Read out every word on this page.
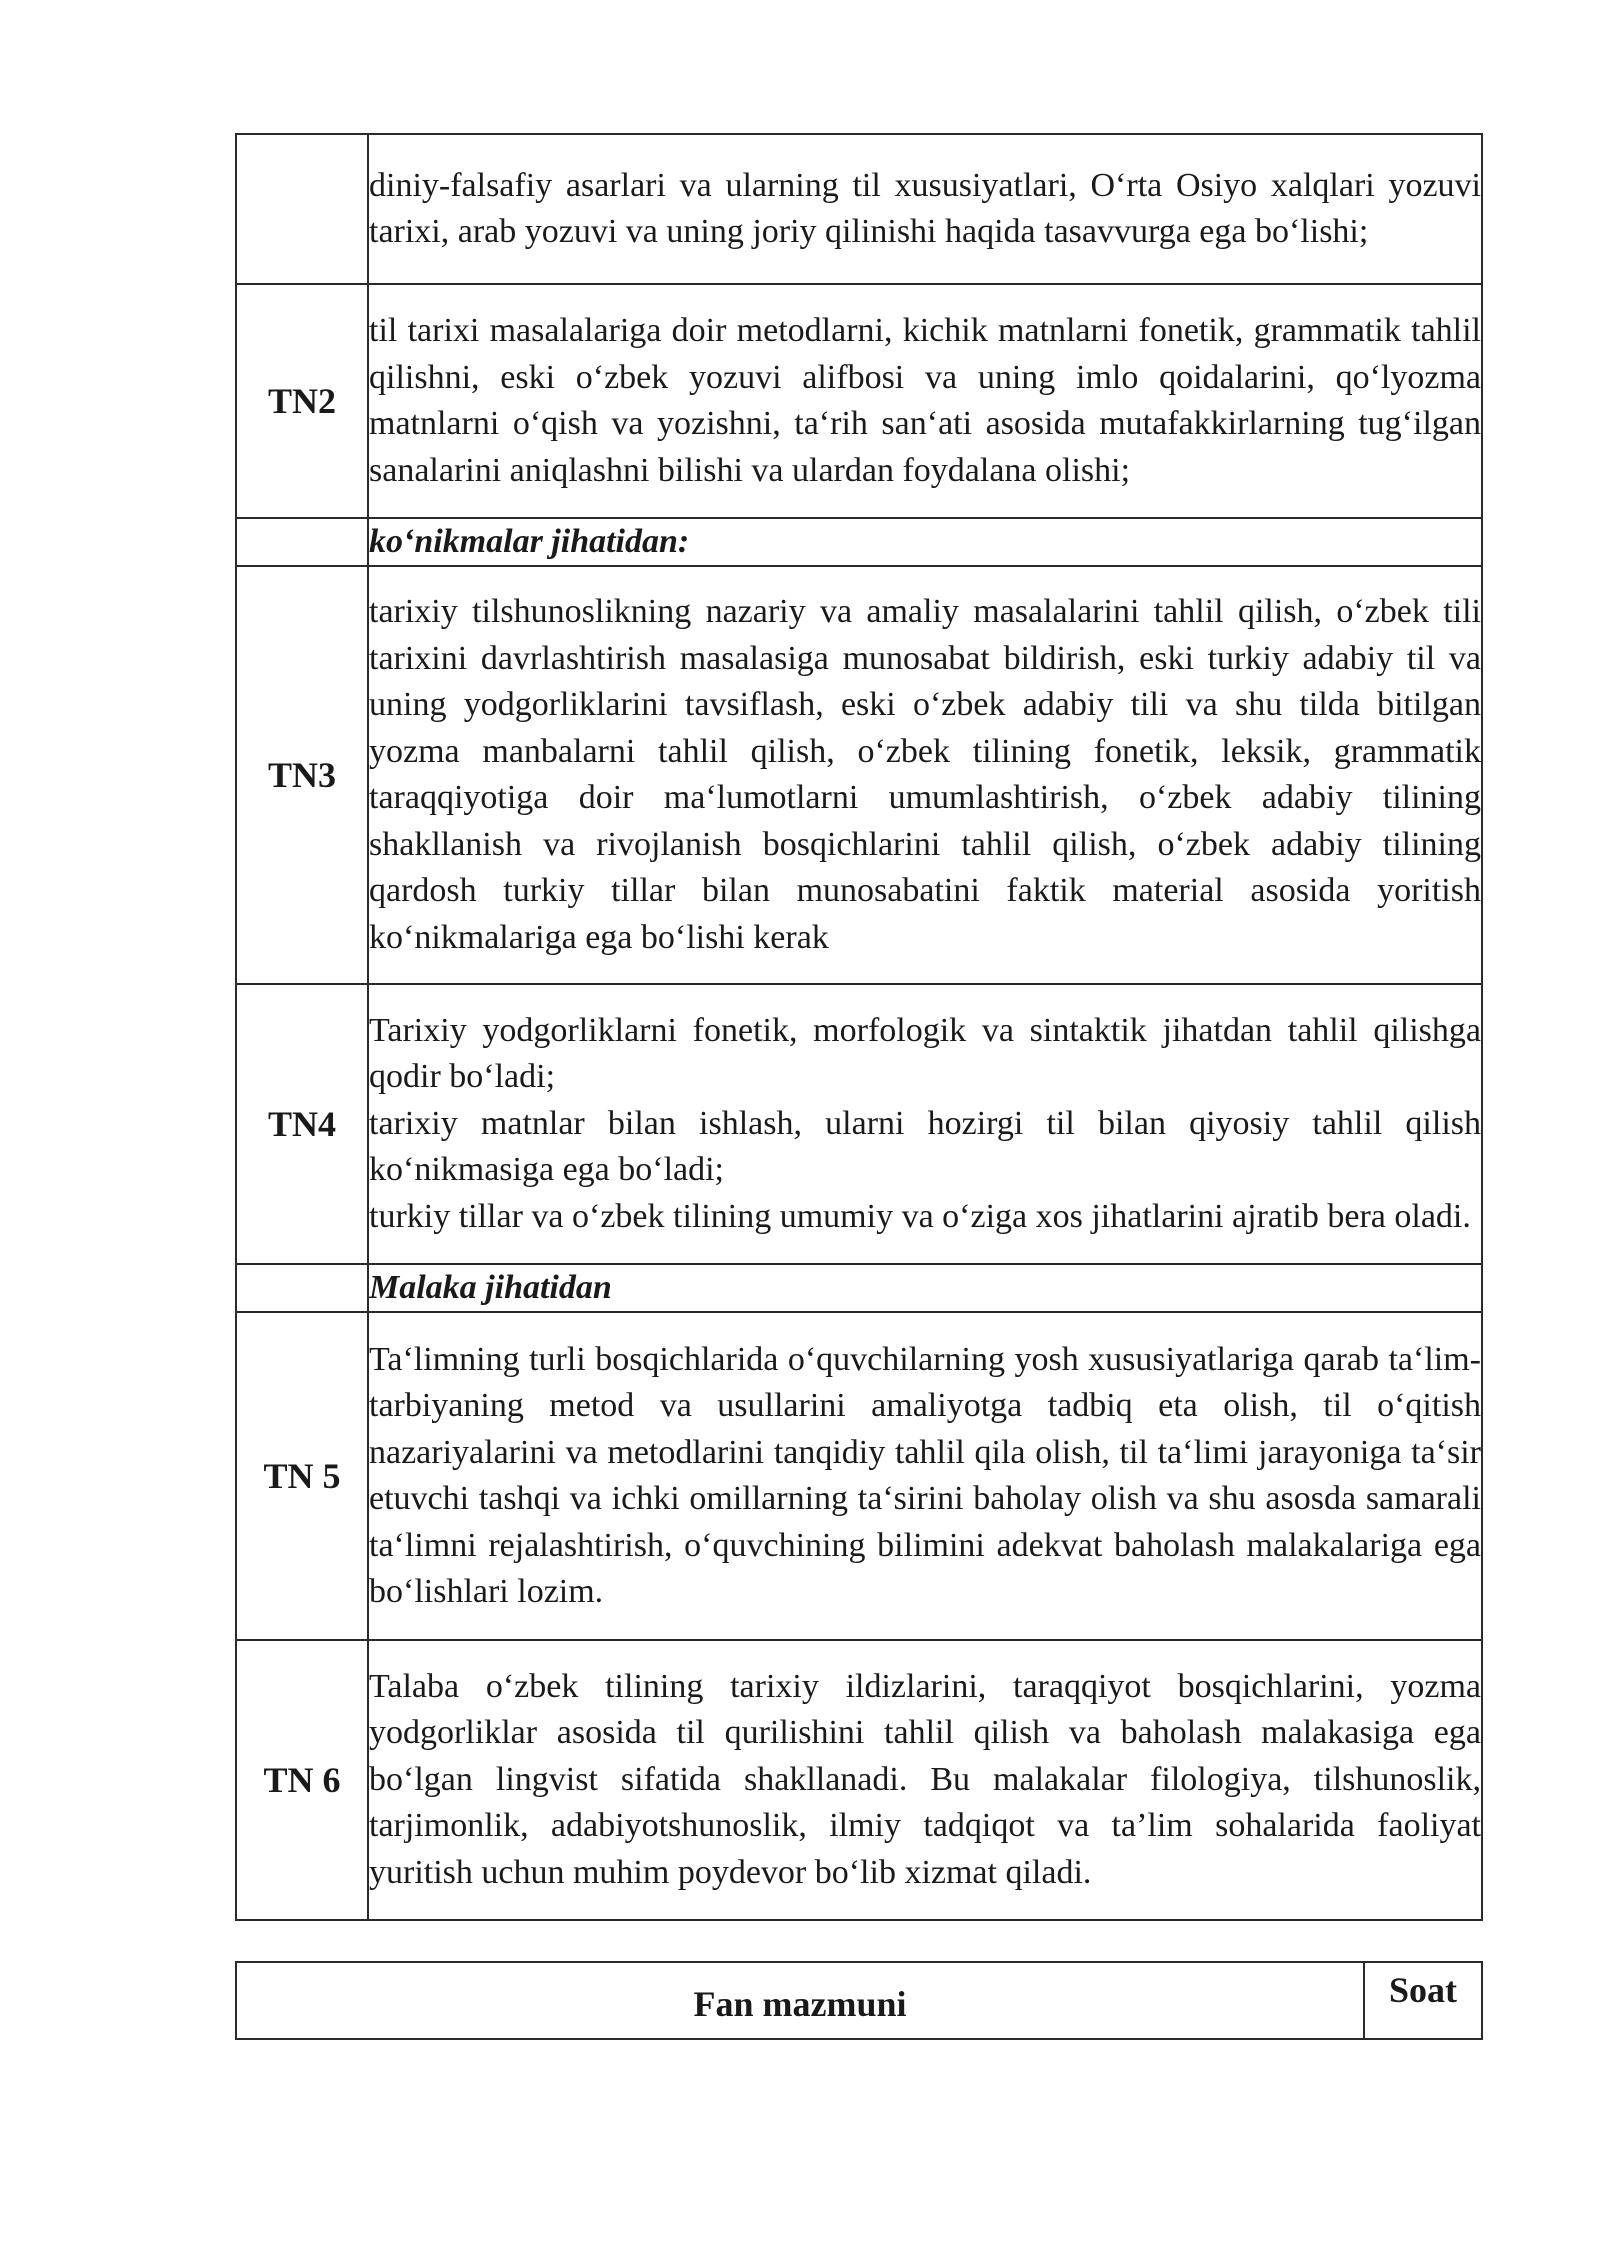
	diniy-falsafiy asarlari va ularning til xususiyatlari, O‘rta Osiyo xalqlari yozuvi tarixi, arab yozuvi va uning joriy qilinishi haqida tasavvurga ega bo‘lishi;

TN2	til tarixi masalalariga doir metodlarni, kichik matnlarni fonetik, grammatik tahlil qilishni, eski o‘zbek yozuvi alifbosi va uning imlo qoidalarini, qo‘lyozma matnlarni o‘qish va yozishni, ta‘rih san‘ati asosida mutafakkirlarning tug‘ilgan sanalarini aniqlashni bilishi va ulardan foydalana olishi;

	ko‘nikmalar jihatidan:
TN3	tarixiy tilshunoslikning nazariy va amaliy masalalarini tahlil qilish, o‘zbek tili tarixini davrlashtirish masalasiga munosabat bildirish, eski turkiy adabiy til va uning yodgorliklarini tavsiflash, eski o‘zbek adabiy tili va shu tilda bitilgan yozma manbalarni tahlil qilish, o‘zbek tilining fonetik, leksik, grammatik taraqqiyotiga doir ma‘lumotlarni umumlashtirish, o‘zbek adabiy tilining shakllanish va rivojlanish bosqichlarini tahlil qilish, o‘zbek adabiy tilining qardosh turkiy tillar bilan munosabatini faktik material asosida yoritish ko‘nikmalariga ega bo‘lishi kerak

TN4	Tarixiy yodgorliklarni fonetik, morfologik va sintaktik jihatdan tahlil qilishga qodir bo‘ladi;
tarixiy matnlar bilan ishlash, ularni hozirgi til bilan qiyosiy tahlil qilish ko‘nikmasiga ega bo‘ladi;
turkiy tillar va o‘zbek tilining umumiy va o‘ziga xos jihatlarini ajratib bera oladi.

	Malaka jihatidan
TN 5	Ta‘limning turli bosqichlarida o‘quvchilarning yosh xususiyatlariga qarab ta‘lim-tarbiyaning metod va usullarini amaliyotga tadbiq eta olish, til o‘qitish nazariyalarini va metodlarini tanqidiy tahlil qila olish, til ta‘limi jarayoniga ta‘sir etuvchi tashqi va ichki omillarning ta‘sirini baholay olish va shu asosda samarali ta‘limni rejalashtirish, o‘quvchining bilimini adekvat baholash malakalariga ega bo‘lishlari lozim.

TN 6	Talaba o‘zbek tilining tarixiy ildizlarini, taraqqiyot bosqichlarini, yozma yodgorliklar asosida til qurilishini tahlil qilish va baholash malakasiga ega bo‘lgan lingvist sifatida shakllanadi. Bu malakalar filologiya, tilshunoslik, tarjimonlik, adabiyotshunoslik, ilmiy tadqiqot va ta’lim sohalarida faoliyat yuritish uchun muhim poydevor bo‘lib xizmat qiladi.
Fan mazmuni	Soat
